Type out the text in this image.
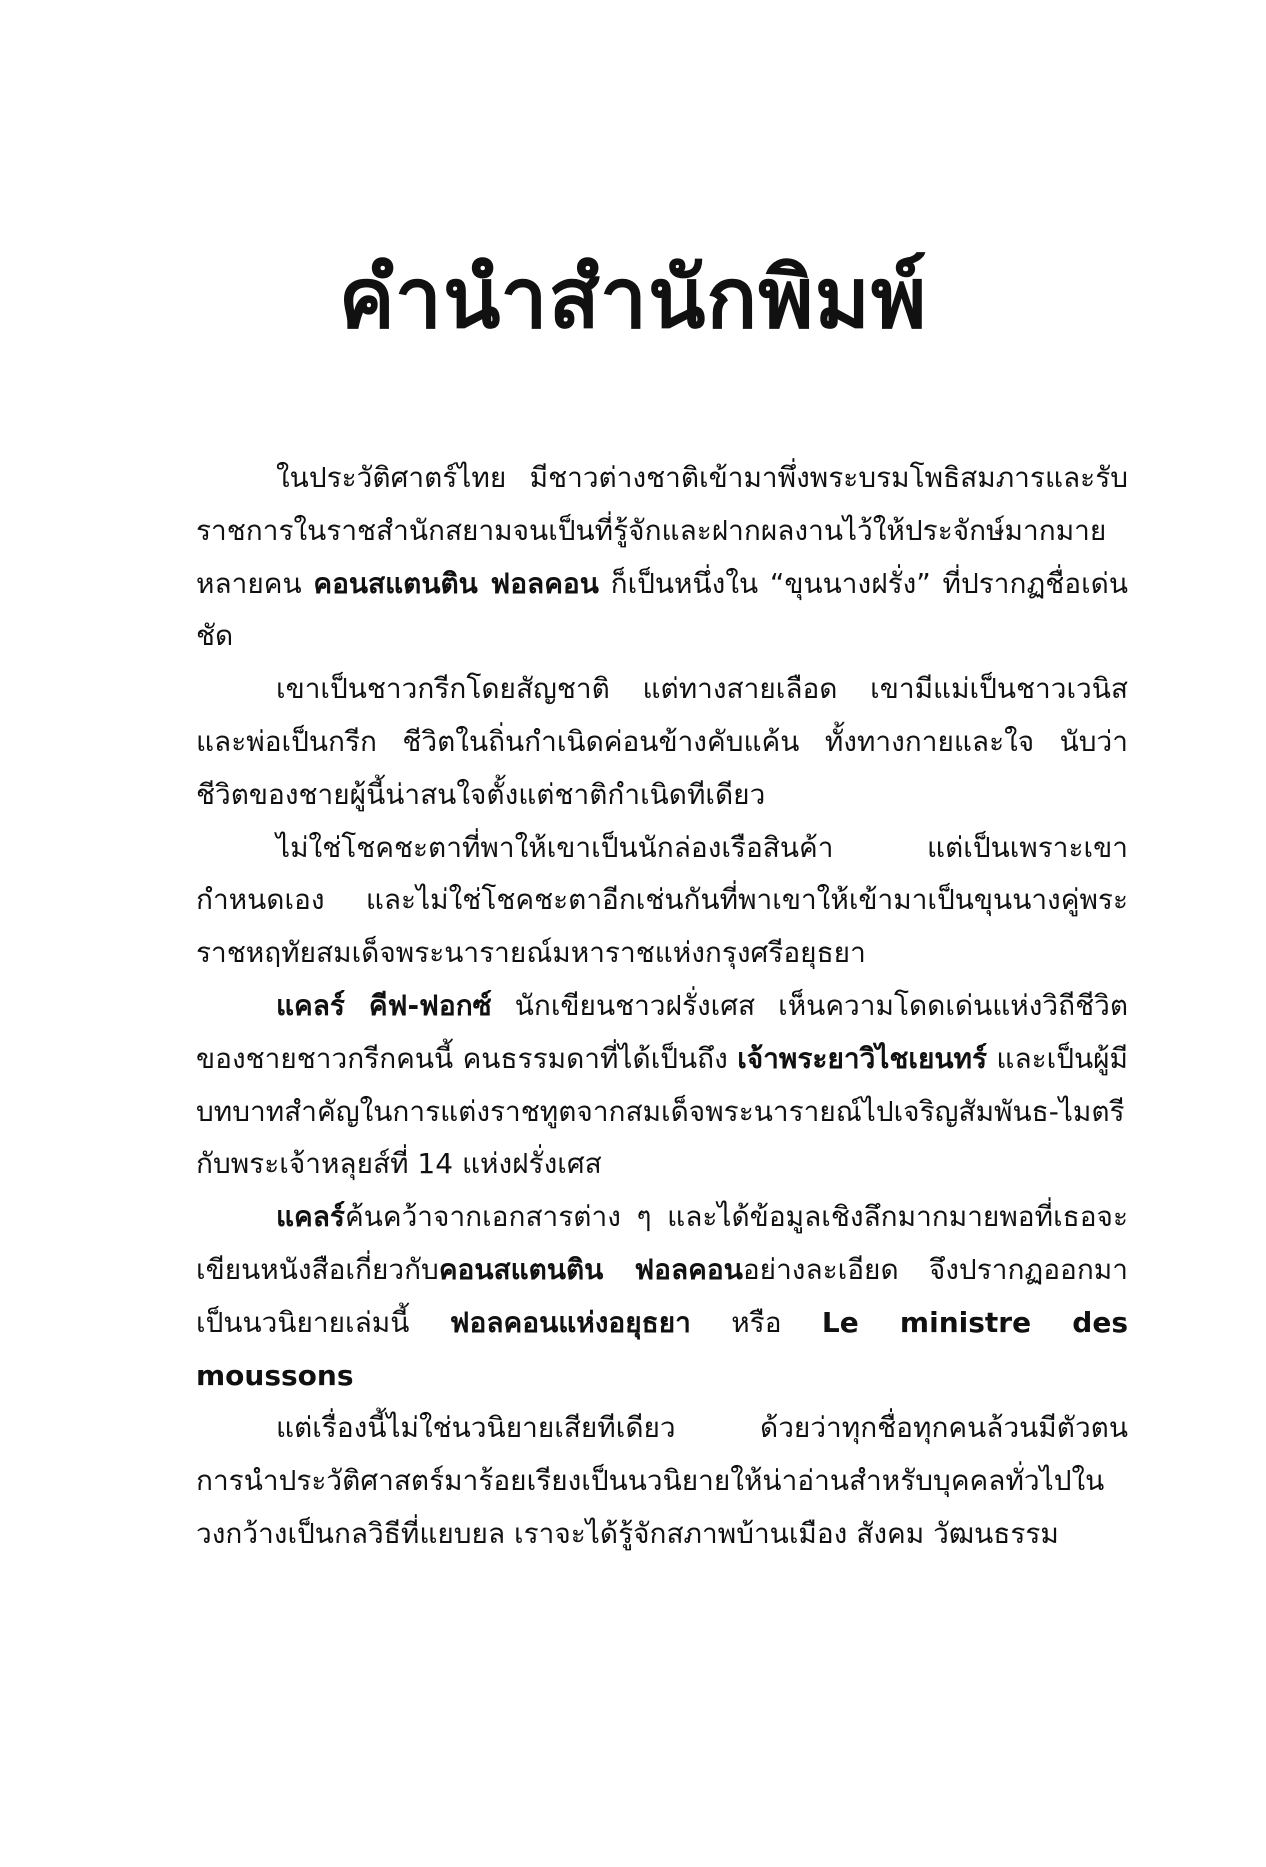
คำนำสำนักพิมพ์

ในประวัติศาตร์ไทย มีชาวต่างชาติเข้ามาพึ่งพระบรมโพธิสมภารและรับราชการในราชสำนักสยามจนเป็นที่รู้จักและฝากผลงานไว้ให้ประจักษ์มากมายหลายคน คอนสแตนติน ฟอลคอน ก็เป็นหนึ่งใน “ขุนนางฝรั่ง” ที่ปรากฏชื่อเด่นชัด

เขาเป็นชาวกรีกโดยสัญชาติ แต่ทางสายเลือด เขามีแม่เป็นชาวเวนิสและพ่อเป็นกรีก ชีวิตในถิ่นกำเนิดค่อนข้างคับแค้น ทั้งทางกายและใจ นับว่าชีวิตของชายผู้นี้น่าสนใจตั้งแต่ชาติกำเนิดทีเดียว

ไม่ใช่โชคชะตาที่พาให้เขาเป็นนักล่องเรือสินค้า แต่เป็นเพราะเขากำหนดเอง และไม่ใช่โชคชะตาอีกเช่นกันที่พาเขาให้เข้ามาเป็นขุนนางคู่พระราชหฤทัยสมเด็จพระนารายณ์มหาราชแห่งกรุงศรีอยุธยา

แคลร์ คีฟ-ฟอกซ์ นักเขียนชาวฝรั่งเศส เห็นความโดดเด่นแห่งวิถีชีวิตของชายชาวกรีกคนนี้ คนธรรมดาที่ได้เป็นถึง เจ้าพระยาวิไชเยนทร์ และเป็นผู้มีบทบาทสำคัญในการแต่งราชทูตจากสมเด็จพระนารายณ์ไปเจริญสัมพันธ-ไมตรีกับพระเจ้าหลุยส์ที่ 14 แห่งฝรั่งเศส

แคลร์ค้นคว้าจากเอกสารต่าง ๆ และได้ข้อมูลเชิงลึกมากมายพอที่เธอจะเขียนหนังสือเกี่ยวกับคอนสแตนติน ฟอลคอนอย่างละเอียด จึงปรากฏออกมาเป็นนวนิยายเล่มนี้ ฟอลคอนแห่งอยุธยา หรือ Le ministre des moussons

แต่เรื่องนี้ไม่ใช่นวนิยายเสียทีเดียว ด้วยว่าทุกชื่อทุกคนล้วนมีตัวตน การนำประวัติศาสตร์มาร้อยเรียงเป็นนวนิยายให้น่าอ่านสำหรับบุคคลทั่วไปในวงกว้างเป็นกลวิธีที่แยบยล เราจะได้รู้จักสภาพบ้านเมือง สังคม วัฒนธรรม
